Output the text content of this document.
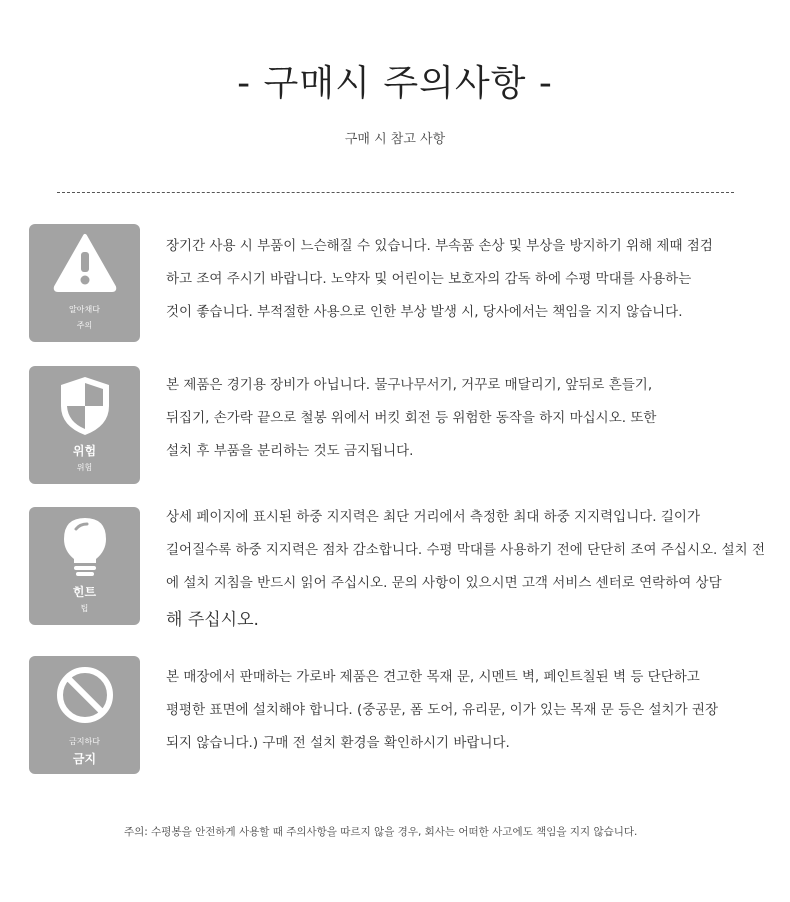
- 구매시 주의사항 -
구매 시 참고 사항
알아채다
주의
장기간 사용 시 부품이 느슨해질 수 있습니다. 부속품 손상 및 부상을 방지하기 위해 제때 점검
하고 조여 주시기 바랍니다. 노약자 및 어린이는 보호자의 감독 하에 수평 막대를 사용하는
것이 좋습니다. 부적절한 사용으로 인한 부상 발생 시, 당사에서는 책임을 지지 않습니다.
위험
위험
본 제품은 경기용 장비가 아닙니다. 물구나무서기, 거꾸로 매달리기, 앞뒤로 흔들기,
뒤집기, 손가락 끝으로 철봉 위에서 버킷 회전 등 위험한 동작을 하지 마십시오. 또한
설치 후 부품을 분리하는 것도 금지됩니다.
힌트
팁
상세 페이지에 표시된 하중 지지력은 최단 거리에서 측정한 최대 하중 지지력입니다. 길이가
길어질수록 하중 지지력은 점차 감소합니다. 수평 막대를 사용하기 전에 단단히 조여 주십시오. 설치 전
에 설치 지침을 반드시 읽어 주십시오. 문의 사항이 있으시면 고객 서비스 센터로 연락하여 상담
해 주십시오.
금지하다
금지
본 매장에서 판매하는 가로바 제품은 견고한 목재 문, 시멘트 벽, 페인트칠된 벽 등 단단하고
평평한 표면에 설치해야 합니다. (중공문, 폼 도어, 유리문, 이가 있는 목재 문 등은 설치가 권장
되지 않습니다.) 구매 전 설치 환경을 확인하시기 바랍니다.
주의: 수평봉을 안전하게 사용할 때 주의사항을 따르지 않을 경우, 회사는 어떠한 사고에도 책임을 지지 않습니다.
